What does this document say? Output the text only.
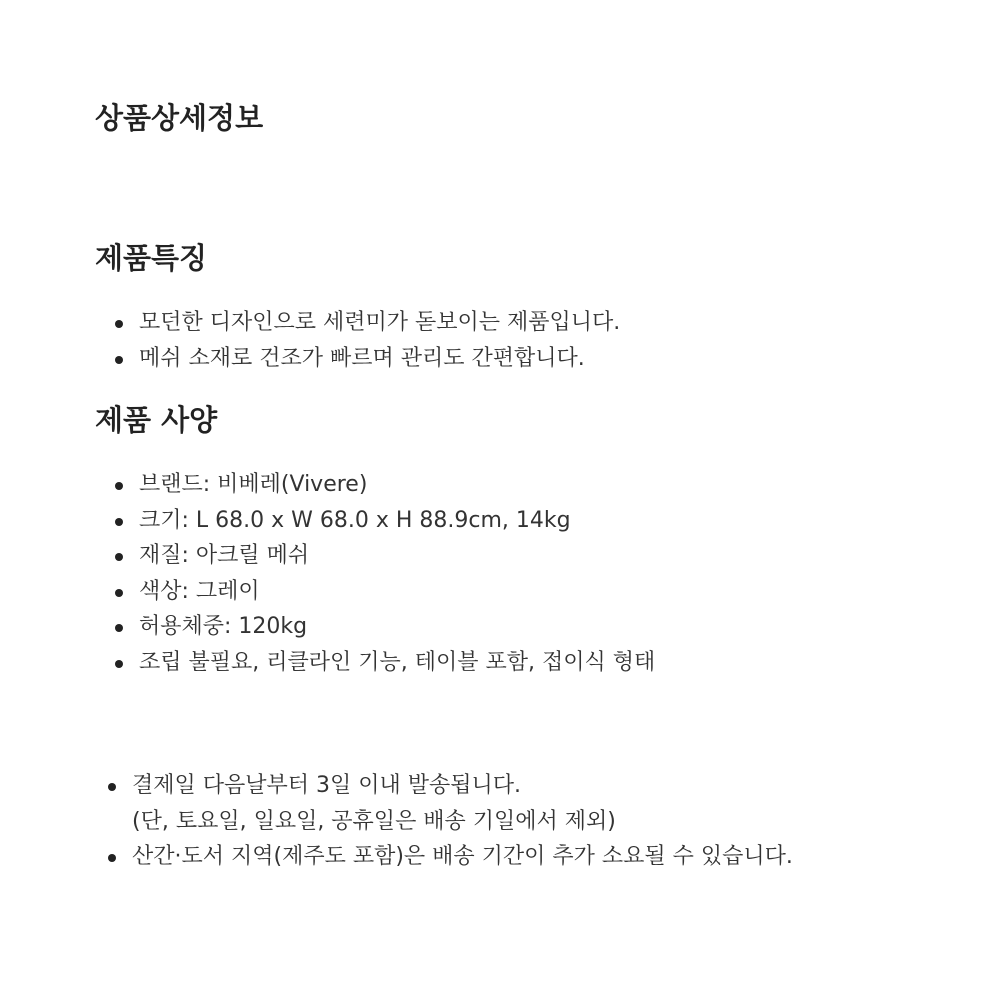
상품상세정보
제품특징
모던한 디자인으로 세련미가 돋보이는 제품입니다.
메쉬 소재로 건조가 빠르며 관리도 간편합니다.
제품 사양
브랜드: 비베레(Vivere)
크기: L 68.0 x W 68.0 x H 88.9cm, 14kg
재질: 아크릴 메쉬
색상: 그레이
허용체중: 120kg
조립 불필요, 리클라인 기능, 테이블 포함, 접이식 형태
결제일 다음날부터 3일 이내 발송됩니다.
(단, 토요일, 일요일, 공휴일은 배송 기일에서 제외)
산간·도서 지역(제주도 포함)은 배송 기간이 추가 소요될 수 있습니다.
